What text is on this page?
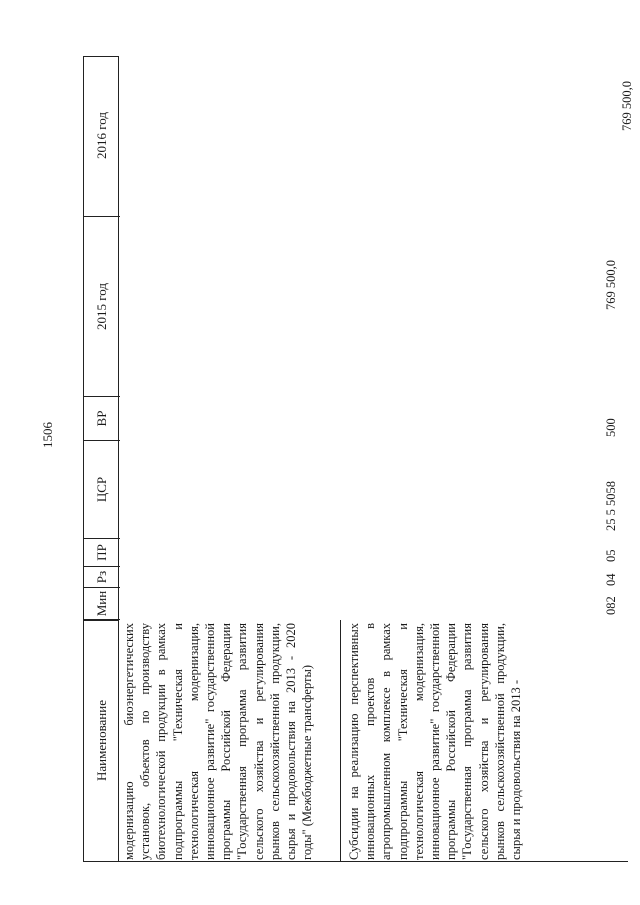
1506
Наименование
Мин
Рз
ПР
ЦСР
ВР
2015 год
2016 год
модернизацию биоэнергетических установок, объектов по производству биотехнологической продукции в рамках подпрограммы "Техническая и технологическая модернизация, инновационное развитие" государственной программы Российской Федерации "Государственная программа развития сельского хозяйства и регулирования рынков сельскохозяйственной продукции, сырья и продовольствия на 2013 - 2020 годы" (Межбюджетные трансферты)	Субсидии на реализацию перспективных инновационных проектов в агропромышленном комплексе в рамках подпрограммы "Техническая и технологическая модернизация, инновационное развитие" государственной программы Российской Федерации "Государственная программа развития сельского хозяйства и регулирования рынков сельскохозяйственной продукции, сырья и продовольствия на 2013 -
082
04
05
25 5 5058
500
769 500,0
769 500,0
